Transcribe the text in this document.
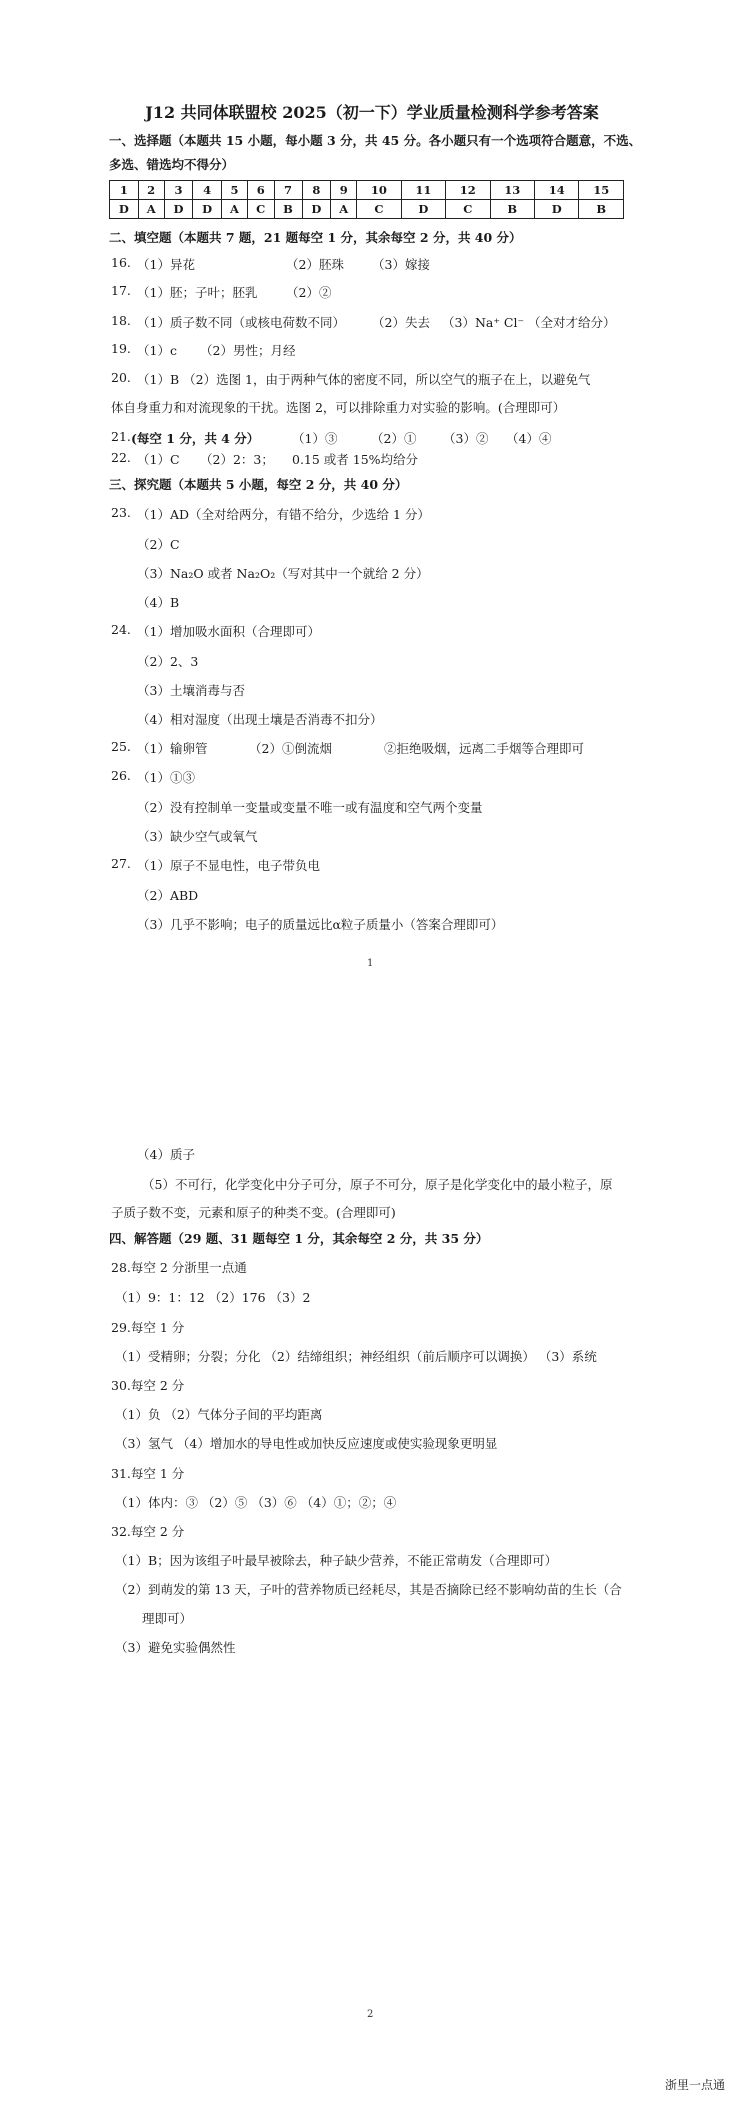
J12 共同体联盟校 2025（初一下）学业质量检测科学参考答案
一、选择题（本题共 15 小题，每小题 3 分，共 45 分。各小题只有一个选项符合题意，不选、
多选、错选均不得分）
1	2	3	4	5	6	7	8	9	10	11	12	13	14	15
D	A	D	D	A	C	B	D	A	C	D	C	B	D	B
二、填空题（本题共 7 题，21 题每空 1 分，其余每空 2 分，共 40 分）
16. （1）异花	（2）胚珠 （3）嫁接
17. （1）胚；子叶；胚乳 （2）②
18. （1）质子数不同（或核电荷数不同） （2）失去 （3）Na⁺ Cl⁻ （全对才给分）
19. （1）c （2）男性；月经
20. （1）B （2）选图 1，由于两种气体的密度不同，所以空气的瓶子在上，以避免气
体自身重力和对流现象的干扰。选图 2，可以排除重力对实验的影响。(合理即可）
21. (每空 1 分，共 4 分）	（1）③	（2）① （3）② （4）④
22. （1）C （2）2：3； 0.15 或者 15%均给分
三、探究题（本题共 5 小题，每空 2 分，共 40 分）
23. （1）AD（全对给两分，有错不给分，少选给 1 分）
（2）C
（3）Na₂O 或者 Na₂O₂（写对其中一个就给 2 分）
（4）B
24. （1）增加吸水面积（合理即可）
（2）2、3
（3）土壤消毒与否
（4）相对湿度（出现土壤是否消毒不扣分）
25. （1）输卵管	（2）①倒流烟	②拒绝吸烟，远离二手烟等合理即可
26. （1）①③
（2）没有控制单一变量或变量不唯一或有温度和空气两个变量
（3）缺少空气或氧气
27. （1）原子不显电性，电子带负电
（2）ABD
（3）几乎不影响；电子的质量远比α粒子质量小（答案合理即可）
1
（4）质子
（5）不可行，化学变化中分子可分，原子不可分，原子是化学变化中的最小粒子，原
子质子数不变，元素和原子的种类不变。(合理即可)
四、解答题（29 题、31 题每空 1 分，其余每空 2 分，共 35 分）
28.每空 2 分浙里一点通
（1）9：1：12 （2）176 （3）2
29.每空 1 分
（1）受精卵；分裂；分化 （2）结缔组织；神经组织（前后顺序可以调换） （3）系统
30.每空 2 分
（1）负 （2）气体分子间的平均距离
（3）氢气 （4）增加水的导电性或加快反应速度或使实验现象更明显
31.每空 1 分
（1）体内：③ （2）⑤ （3）⑥ （4）①；②；④
32.每空 2 分
（1）B；因为该组子叶最早被除去，种子缺少营养，不能正常萌发（合理即可）
（2）到萌发的第 13 天，子叶的营养物质已经耗尽，其是否摘除已经不影响幼苗的生长（合
理即可）
（3）避免实验偶然性
2
浙里一点通
